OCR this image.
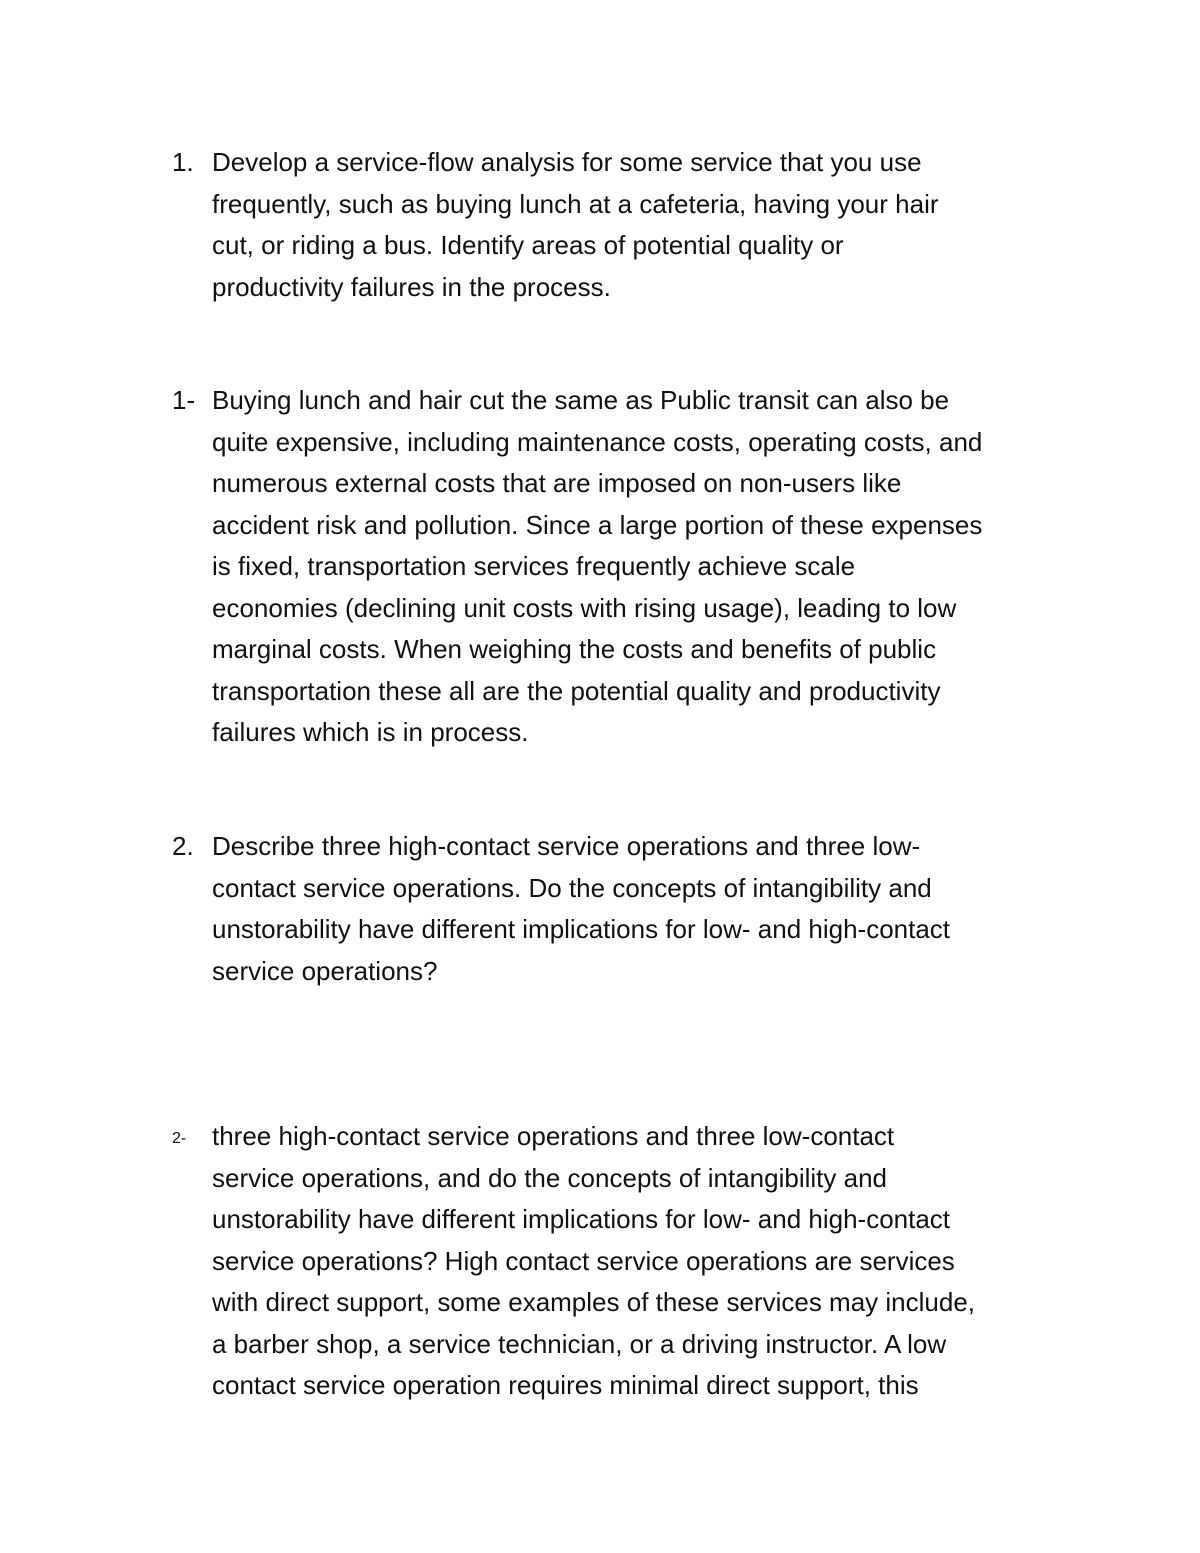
1. Develop a service-flow analysis for some service that you use
frequently, such as buying lunch at a cafeteria, having your hair
cut, or riding a bus. Identify areas of potential quality or
productivity failures in the process.
1- Buying lunch and hair cut the same as Public transit can also be
quite expensive, including maintenance costs, operating costs, and
numerous external costs that are imposed on non-users like
accident risk and pollution. Since a large portion of these expenses
is fixed, transportation services frequently achieve scale
economies (declining unit costs with rising usage), leading to low
marginal costs. When weighing the costs and benefits of public
transportation these all are the potential quality and productivity
failures which is in process.
2. Describe three high-contact service operations and three low-
contact service operations. Do the concepts of intangibility and
unstorability have different implications for low- and high-contact
service operations?
2- three high-contact service operations and three low-contact
service operations, and do the concepts of intangibility and
unstorability have different implications for low- and high-contact
service operations? High contact service operations are services
with direct support, some examples of these services may include,
a barber shop, a service technician, or a driving instructor. A low
contact service operation requires minimal direct support, this
